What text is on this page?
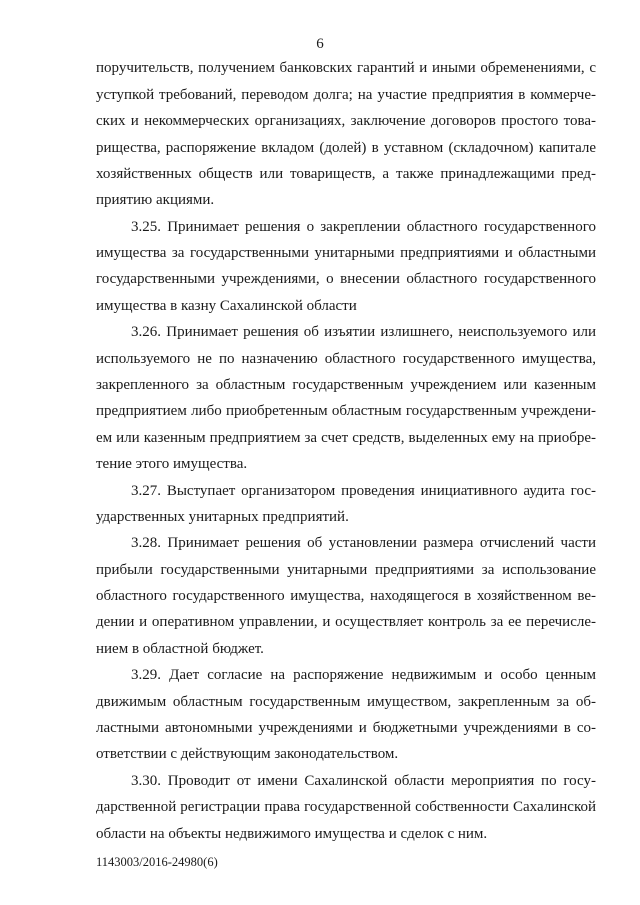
6
поручительств, получением банковских гарантий и иными обременениями, с
уступкой требований, переводом долга; на участие предприятия в коммерче-
ских и некоммерческих организациях, заключение договоров простого това-
рищества, распоряжение вкладом (долей) в уставном (складочном) капитале
хозяйственных обществ или товариществ, а также принадлежащими пред-
приятию акциями.
3.25. Принимает решения о закреплении областного государственного
имущества за государственными унитарными предприятиями и областными
государственными учреждениями, о внесении областного государственного
имущества в казну Сахалинской области
3.26. Принимает решения об изъятии излишнего, неиспользуемого или
используемого не по назначению областного государственного имущества,
закрепленного за областным государственным учреждением или казенным
предприятием либо приобретенным областным государственным учреждени-
ем или казенным предприятием за счет средств, выделенных ему на приобре-
тение этого имущества.
3.27. Выступает организатором проведения инициативного аудита гос-
ударственных унитарных предприятий.
3.28. Принимает решения об установлении размера отчислений части
прибыли государственными унитарными предприятиями за использование
областного государственного имущества, находящегося в хозяйственном ве-
дении и оперативном управлении, и осуществляет контроль за ее перечисле-
нием в областной бюджет.
3.29. Дает согласие на распоряжение недвижимым и особо ценным
движимым областным государственным имуществом, закрепленным за об-
ластными автономными учреждениями и бюджетными учреждениями в со-
ответствии с действующим законодательством.
3.30. Проводит от имени Сахалинской области мероприятия по госу-
дарственной регистрации права государственной собственности Сахалинской
области на объекты недвижимого имущества и сделок с ним.
1143003/2016-24980(6)
